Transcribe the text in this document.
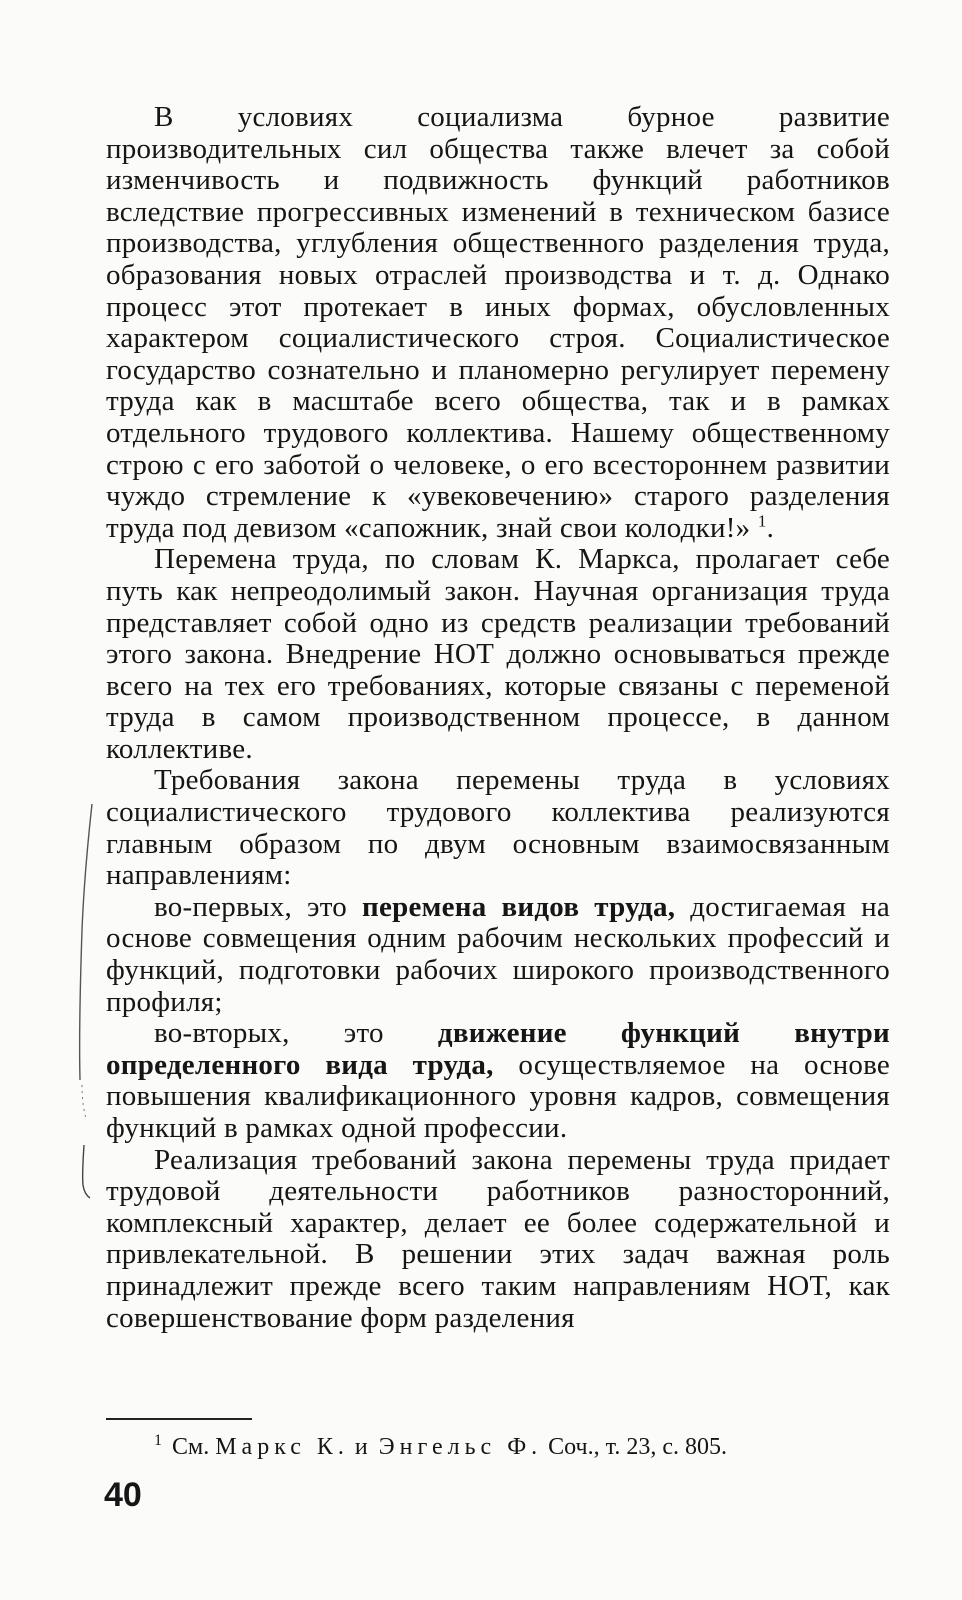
В условиях социализма бурное развитие производительных сил общества также влечет за собой изменчивость и подвижность функций работников вследствие прогрессивных изменений в техническом базисе производства, углубления общественного разделения труда, образования новых отраслей производства и т. д. Однако процесс этот протекает в иных формах, обусловленных характером социалистического строя. Социалистическое государство сознательно и планомерно регулирует перемену труда как в масштабе всего общества, так и в рамках отдельного трудового коллектива. Нашему общественному строю с его заботой о человеке, о его всестороннем развитии чуждо стремление к «увековечению» старого разделения труда под девизом «сапожник, знай свои колодки!» $^1$.

Перемена труда, по словам К. Маркса, пролагает себе путь как непреодолимый закон. Научная организация труда представляет собой одно из средств реализации требований этого закона. Внедрение НОТ должно основываться прежде всего на тех его требованиях, которые связаны с переменой труда в самом производственном процессе, в данном коллективе.

Требования закона перемены труда в условиях социалистического трудового коллектива реализуются главным образом по двум основным взаимосвязанным направлениям:

во-первых, это перемена видов труда, достигаемая на основе совмещения одним рабочим нескольких профессий и функций, подготовки рабочих широкого производственного профиля;

во-вторых, это движение функций внутри определенного вида труда, осуществляемое на основе повышения квалификационного уровня кадров, совмещения функций в рамках одной профессии.

Реализация требований закона перемены труда придает трудовой деятельности работников разносторонний, комплексный характер, делает ее более содержательной и привлекательной. В решении этих задач важная роль принадлежит прежде всего таким направлениям НОТ, как совершенствование форм разделения

$^1$ См. Маркс К. и Энгельс Ф. Соч., т. 23, с. 805.
40
